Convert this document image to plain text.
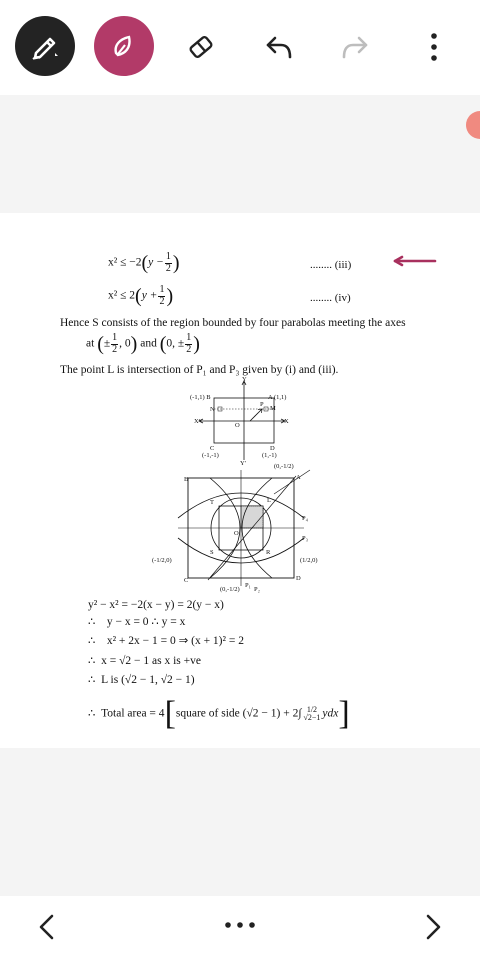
$x^2 \le -2(y - \frac{1}{2}$ )	........ (iii)
$x^2 \le 2(y + \frac{1}{2}$ )	........ (iv)
Hence S consists of the region bounded by four parabolas meeting the axes
at (± $\frac{1}{2}$ , 0) and (0, ± $\frac{1}{2}$ )
The point L is intersection of P₁ and P₃ given by (i) and (iii).
(-1,1) B	A (1,1)
N
P
M
X'	X
O
Y
Y'
C
(-1,-1)
D
(1,-1)
(0,-1/2)
A
B
T	L
O
S	R
P₄
P₃
(-1/2,0)	(1/2,0)
C	D
(0,-1/2)
P₁
P₂
y² − x² = −2(x − y) = 2(y − x)
∴ y − x = 0 ∴ y = x
∴ x² + 2x − 1 = 0 ⇒ (x + 1)² = 2
∴ x = √2 − 1 as x is +ve
∴ L is (√2 − 1, √2 − 1)
∴ Total area = 4[square of side (√2 − 1) + 2∫ 1/2
√2−1 ydx]
